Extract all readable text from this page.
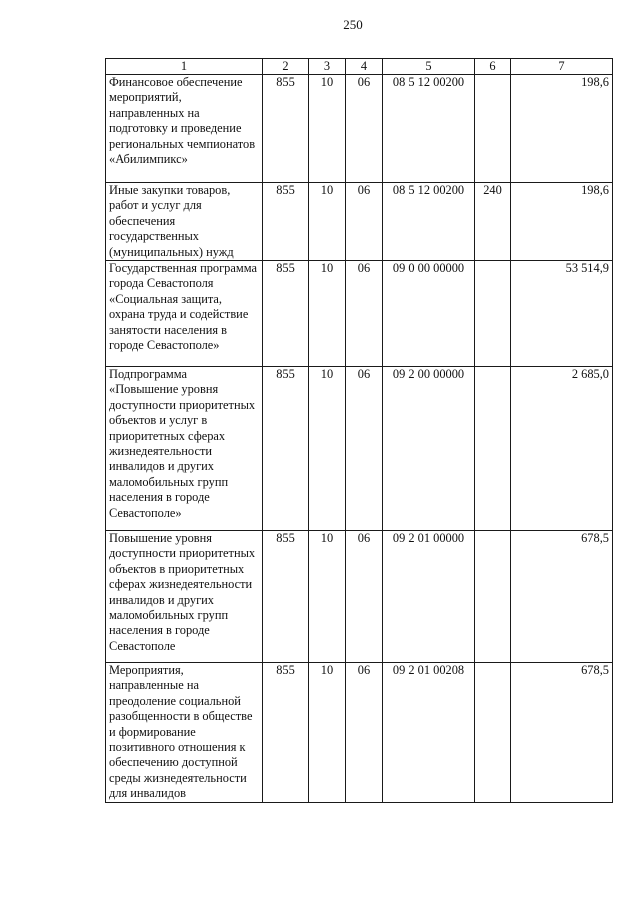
250
1	2	3	4	5	6	7
Финансовое обеспечение мероприятий, направленных на подготовку и проведение региональных чемпионатов «Абилимпикс»	855	10	06	08 5 12 00200		198,6
Иные закупки товаров, работ и услуг для обеспечения государственных (муниципальных) нужд	855	10	06	08 5 12 00200	240	198,6
Государственная программа города Севастополя «Социальная защита, охрана труда и содействие занятости населения в городе Севастополе»	855	10	06	09 0 00 00000		53 514,9
Подпрограмма «Повышение уровня доступности приоритетных объектов и услуг в приоритетных сферах жизнедеятельности инвалидов и других маломобильных групп населения в городе Севастополе»	855	10	06	09 2 00 00000		2 685,0
Повышение уровня доступности приоритетных объектов в приоритетных сферах жизнедеятельности инвалидов и других маломобильных групп населения в городе Севастополе	855	10	06	09 2 01 00000		678,5
Мероприятия, направленные на преодоление социальной разобщенности в обществе и формирование позитивного отношения к обеспечению доступной среды жизнедеятельности для инвалидов	855	10	06	09 2 01 00208		678,5
